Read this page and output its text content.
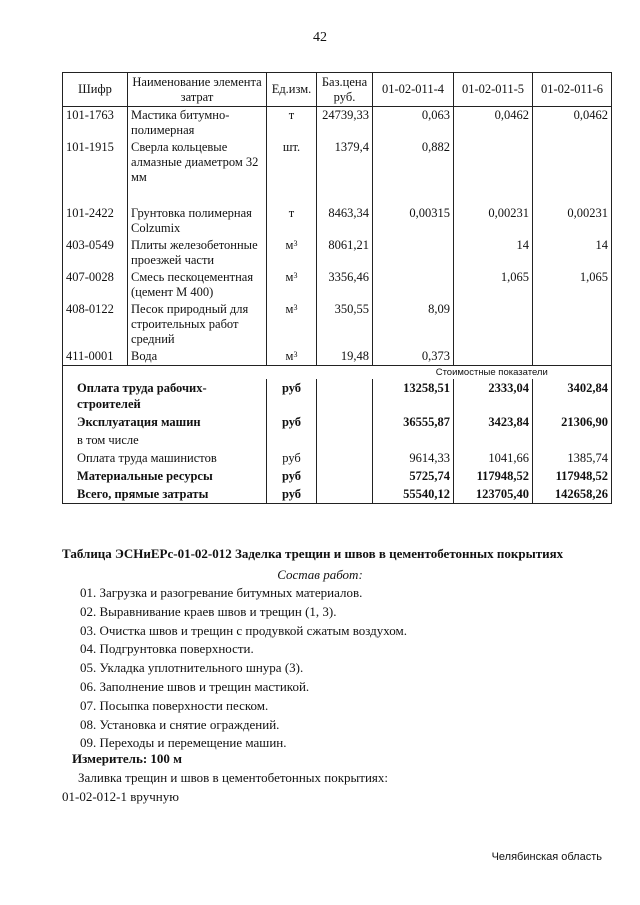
42
Шифр	Наименование элемента затрат	Ед.изм.	Баз.цена руб.	01-02-011-4	01-02-011-5	01-02-011-6
101-1763	Мастика битумно-полимерная	т	24739,33	0,063	0,0462	0,0462
101-1915	Сверла кольцевые алмазные диаметром 32 мм	шт.	1379,4	0,882		
101-2422	Грунтовка полимерная Colzumix	т	8463,34	0,00315	0,00231	0,00231
403-0549	Плиты железобетонные проезжей части	$м^3$	8061,21		14	14
407-0028	Смесь пескоцементная (цемент М 400)	$м^3$	3356,46		1,065	1,065
408-0122	Песок природный для строительных работ средний	$м^3$	350,55	8,09		
411-0001	Вода	$м^3$	19,48	0,373		
				Стоимостные показатели		
Оплата труда рабочих-строителей		руб		13258,51	2333,04	3402,84
Эксплуатация машин		руб		36555,87	3423,84	21306,90
в том числе						
Оплата труда машинистов		руб		9614,33	1041,66	1385,74
Материальные ресурсы		руб		5725,74	117948,52	117948,52
Всего, прямые затраты		руб		55540,12	123705,40	142658,26
Таблица ЭСНиЕРс-01-02-012 Заделка трещин и швов в цементобетонных покрытиях
Состав работ:
01. Загрузка и разогревание битумных материалов.
02. Выравнивание краев швов и трещин (1, 3).
03. Очистка швов и трещин с продувкой сжатым воздухом.
04. Подгрунтовка поверхности.
05. Укладка уплотнительного шнура (3).
06. Заполнение швов и трещин мастикой.
07. Посыпка поверхности песком.
08. Установка и снятие ограждений.
09. Переходы и перемещение машин.
Измеритель: 100 м
Заливка трещин и швов в цементобетонных покрытиях:
01-02-012-1 вручную
Челябинская область
